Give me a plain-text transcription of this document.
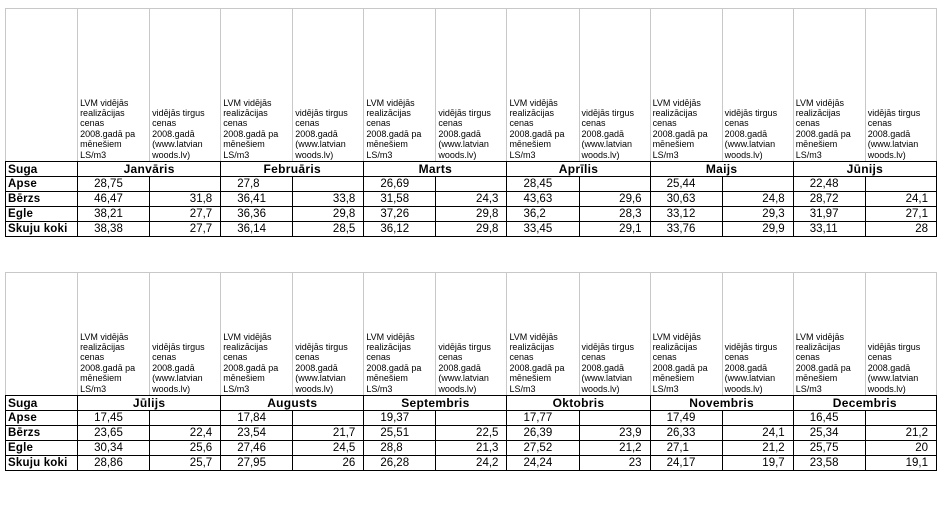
	LVM vidējās realizācijas cenas 2008.gadā pa mēnešiem LS/m3	vidējās tirgus cenas 2008.gadā (www.latvian woods.lv)	LVM vidējās realizācijas cenas 2008.gadā pa mēnešiem LS/m3	vidējās tirgus cenas 2008.gadā (www.latvian woods.lv)	LVM vidējās realizācijas cenas 2008.gadā pa mēnešiem LS/m3	vidējās tirgus cenas 2008.gadā (www.latvian woods.lv)	LVM vidējās realizācijas cenas 2008.gadā pa mēnešiem LS/m3	vidējās tirgus cenas 2008.gadā (www.latvian woods.lv)	LVM vidējās realizācijas cenas 2008.gadā pa mēnešiem LS/m3	vidējās tirgus cenas 2008.gadā (www.latvian woods.lv)	LVM vidējās realizācijas cenas 2008.gadā pa mēnešiem LS/m3	vidējās tirgus cenas 2008.gadā (www.latvian woods.lv)
Suga	Janvāris		Februāris		Marts		Aprīlis		Maijs		Jūnijs	
Apse	28,75		27,8		26,69		28,45		25,44		22,48	
Bērzs	46,47	31,8	36,41	33,8	31,58	24,3	43,63	29,6	30,63	24,8	28,72	24,1
Egle	38,21	27,7	36,36	29,8	37,26	29,8	36,2	28,3	33,12	29,3	31,97	27,1
Skuju koki	38,38	27,7	36,14	28,5	36,12	29,8	33,45	29,1	33,76	29,9	33,11	28
	LVM vidējās realizācijas cenas 2008.gadā pa mēnešiem LS/m3	vidējās tirgus cenas 2008.gadā (www.latvian woods.lv)	LVM vidējās realizācijas cenas 2008.gadā pa mēnešiem LS/m3	vidējās tirgus cenas 2008.gadā (www.latvian woods.lv)	LVM vidējās realizācijas cenas 2008.gadā pa mēnešiem LS/m3	vidējās tirgus cenas 2008.gadā (www.latvian woods.lv)	LVM vidējās realizācijas cenas 2008.gadā pa mēnešiem LS/m3	vidējās tirgus cenas 2008.gadā (www.latvian woods.lv)	LVM vidējās realizācijas cenas 2008.gadā pa mēnešiem LS/m3	vidējās tirgus cenas 2008.gadā (www.latvian woods.lv)	LVM vidējās realizācijas cenas 2008.gadā pa mēnešiem LS/m3	vidējās tirgus cenas 2008.gadā (www.latvian woods.lv)
Suga	Jūlijs		Augusts		Septembris		Oktobris		Novembris		Decembris	
Apse	17,45		17,84		19,37		17,77		17,49		16,45	
Bērzs	23,65	22,4	23,54	21,7	25,51	22,5	26,39	23,9	26,33	24,1	25,34	21,2
Egle	30,34	25,6	27,46	24,5	28,8	21,3	27,52	21,2	27,1	21,2	25,75	20
Skuju koki	28,86	25,7	27,95	26	26,28	24,2	24,24	23	24,17	19,7	23,58	19,1
